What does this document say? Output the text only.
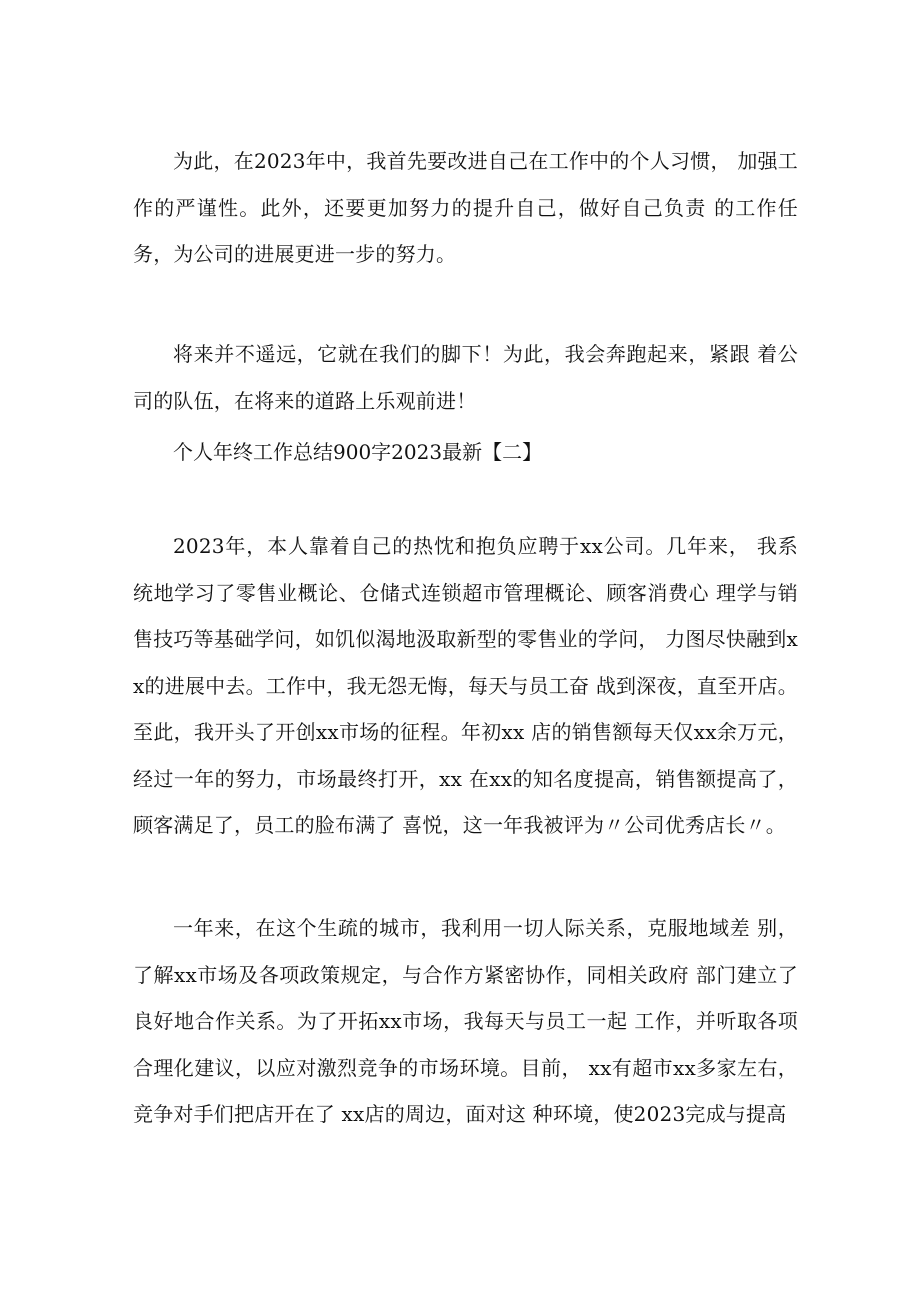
为此，在2023年中，我首先要改进自己在工作中的个人习惯， 加强工作的严谨性。此外，还要更加努力的提升自己，做好自己负责 的工作任务，为公司的进展更进一步的努力。

将来并不遥远，它就在我们的脚下！为此，我会奔跑起来，紧跟 着公司的队伍，在将来的道路上乐观前进！

个人年终工作总结900字2023最新【二】

2023年，本人靠着自己的热忱和抱负应聘于xx公司。几年来， 我系统地学习了零售业概论、仓储式连锁超市管理概论、顾客消费心 理学与销售技巧等基础学问，如饥似渴地汲取新型的零售业的学问， 力图尽快融到xx的进展中去。工作中，我无怨无悔，每天与员工奋 战到深夜，直至开店。至此，我开头了开创xx市场的征程。年初xx 店的销售额每天仅xx余万元，经过一年的努力，市场最终打开，xx 在xx的知名度提高，销售额提高了，顾客满足了，员工的脸布满了 喜悦，这一年我被评为〃公司优秀店长〃。

一年来，在这个生疏的城市，我利用一切人际关系，克服地域差 别，了解xx市场及各项政策规定，与合作方紧密协作，同相关政府 部门建立了良好地合作关系。为了开拓xx市场，我每天与员工一起 工作，并听取各项合理化建议，以应对激烈竞争的市场环境。目前， xx有超市xx多家左右，竞争对手们把店开在了 xx店的周边，面对这 种环境，使2023完成与提高
